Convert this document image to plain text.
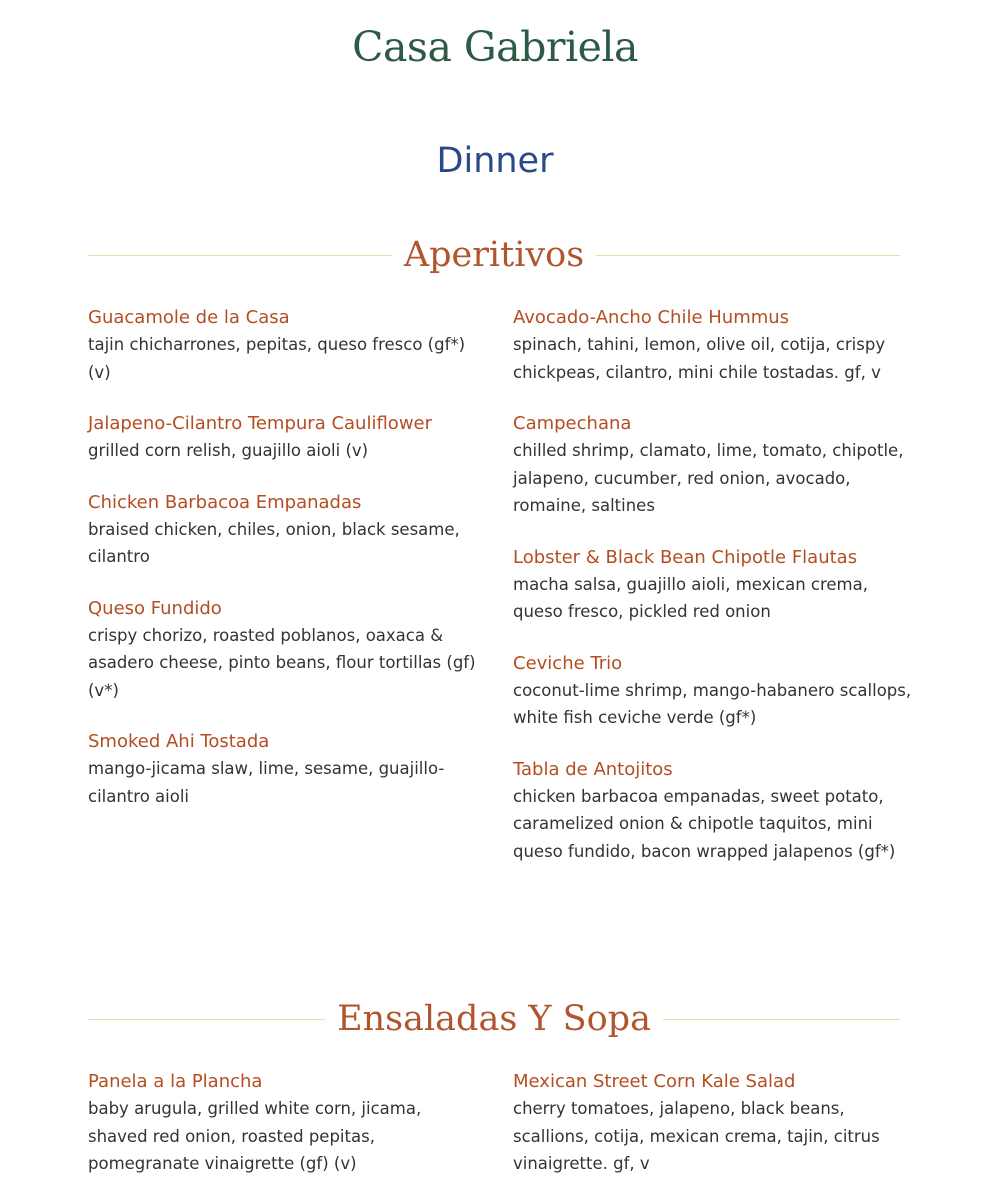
Casa Gabriela
Dinner
Aperitivos
Guacamole de la Casa
tajin chicharrones, pepitas, queso fresco (gf*) (v)
Jalapeno-Cilantro Tempura Cauliflower
grilled corn relish, guajillo aioli (v)
Chicken Barbacoa Empanadas
braised chicken, chiles, onion, black sesame, cilantro
Queso Fundido
crispy chorizo, roasted poblanos, oaxaca & asadero cheese, pinto beans, flour tortillas (gf) (v*)
Smoked Ahi Tostada
mango-jicama slaw, lime, sesame, guajillo-cilantro aioli
Avocado-Ancho Chile Hummus
spinach, tahini, lemon, olive oil, cotija, crispy chickpeas, cilantro, mini chile tostadas. gf, v
Campechana
chilled shrimp, clamato, lime, tomato, chipotle, jalapeno, cucumber, red onion, avocado, romaine, saltines
Lobster & Black Bean Chipotle Flautas
macha salsa, guajillo aioli, mexican crema, queso fresco, pickled red onion
Ceviche Trio
coconut-lime shrimp, mango-habanero scallops, white fish ceviche verde (gf*)
Tabla de Antojitos
chicken barbacoa empanadas, sweet potato, caramelized onion & chipotle taquitos, mini queso fundido, bacon wrapped jalapenos (gf*)
Ensaladas Y Sopa
Panela a la Plancha
baby arugula, grilled white corn, jicama, shaved red onion, roasted pepitas, pomegranate vinaigrette (gf) (v)
Mexican Street Corn Kale Salad
cherry tomatoes, jalapeno, black beans, scallions, cotija, mexican crema, tajin, citrus vinaigrette. gf, v
